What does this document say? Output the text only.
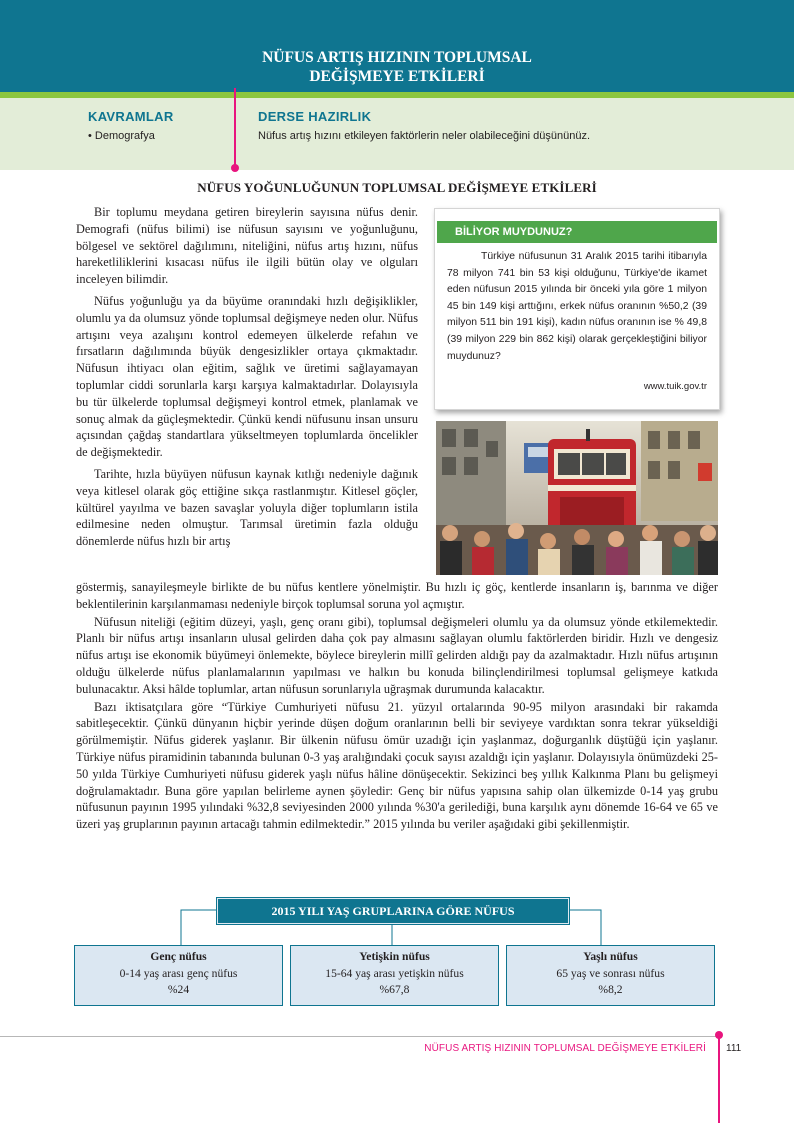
NÜFUS ARTIŞ HIZININ TOPLUMSAL
DEĞİŞMEYE ETKİLERİ
KAVRAMLAR
• Demografya
DERSE HAZIRLIK
Nüfus artış hızını etkileyen faktörlerin neler olabileceğini düşününüz.
NÜFUS YOĞUNLUĞUNUN TOPLUMSAL DEĞİŞMEYE ETKİLERİ

Bir toplumu meydana getiren bireylerin sayısına nüfus denir. Demografi (nüfus bilimi) ise nüfusun sayısını ve yoğunluğunu, bölgesel ve sektörel dağılımını, niteliğini, nüfus artış hızını, nüfus hareketliliklerini kısacası nüfus ile ilgili bütün olay ve olguları inceleyen bilimdir.

Nüfus yoğunluğu ya da büyüme oranındaki hızlı değişiklikler, olumlu ya da olumsuz yönde toplumsal değişmeye neden olur. Nüfus artışını veya azalışını kontrol edemeyen ülkelerde refahın ve fırsatların dağılımında büyük dengesizlikler ortaya çıkmaktadır. Nüfusun ihtiyacı olan eğitim, sağlık ve üretimi sağlayamayan toplumlar ciddi sorunlarla karşı karşıya kalmaktadırlar. Dolayısıyla bu tür ülkelerde toplumsal değişmeyi kontrol etmek, planlamak ve sonuç almak da güçleşmektedir. Çünkü kendi nüfusunu insan unsuru açısından çağdaş standartlara yükseltmeyen toplumlarda öncelikler de değişmektedir.

Tarihte, hızla büyüyen nüfusun kaynak kıtlığı nedeniyle dağınık veya kitlesel olarak göç ettiğine sıkça rastlanmıştır. Kitlesel göçler, kültürel yayılma ve bazen savaşlar yoluyla diğer toplumların istila edilmesine neden olmuştur. Tarımsal üretimin fazla olduğu dönemlerde nüfus hızlı bir artış

BİLİYOR MUYDUNUZ?
Türkiye nüfusunun 31 Aralık 2015 tarihi itibarıyla 78 milyon 741 bin 53 kişi olduğunu, Türkiye'de ikamet eden nüfusun 2015 yılında bir önceki yıla göre 1 milyon 45 bin 149 kişi arttığını, erkek nüfus oranının %50,2 (39 milyon 511 bin 191 kişi), kadın nüfus oranının ise % 49,8 (39 milyon 229 bin 862 kişi) olarak gerçekleştiğini biliyor muydunuz?
www.tuik.gov.tr

göstermiş, sanayileşmeyle birlikte de bu nüfus kentlere yönelmiştir. Bu hızlı iç göç, kentlerde insanların iş, barınma ve diğer beklentilerinin karşılanmaması nedeniyle birçok toplumsal soruna yol açmıştır.

Nüfusun niteliği (eğitim düzeyi, yaşlı, genç oranı gibi), toplumsal değişmeleri olumlu ya da olumsuz yönde etkilemektedir. Planlı bir nüfus artışı insanların ulusal gelirden daha çok pay almasını sağlayan olumlu faktörlerden biridir. Hızlı ve dengesiz nüfus artışı ise ekonomik büyümeyi önlemekte, böylece bireylerin millî gelirden aldığı pay da azalmaktadır. Hızlı nüfus artışının olduğu ülkelerde nüfus planlamalarının yapılması ve halkın bu konuda bilinçlendirilmesi toplumsal gelişmeye katkıda bulunacaktır. Aksi hâlde toplumlar, artan nüfusun sorunlarıyla uğraşmak durumunda kalacaktır.

Bazı iktisatçılara göre “Türkiye Cumhuriyeti nüfusu 21. yüzyıl ortalarında 90-95 milyon arasındaki bir rakamda sabitleşecektir. Çünkü dünyanın hiçbir yerinde düşen doğum oranlarının belli bir seviyeye vardıktan sonra tekrar yükseldiği görülmemiştir. Nüfus giderek yaşlanır. Bir ülkenin nüfusu ömür uzadığı için yaşlanmaz, doğurganlık düştüğü için yaşlanır. Türkiye nüfus piramidinin tabanında bulunan 0-3 yaş aralığındaki çocuk sayısı azaldığı için yaşlanır. Dolayısıyla önümüzdeki 25-50 yılda Türkiye Cumhuriyeti nüfusu giderek yaşlı nüfus hâline dönüşecektir. Sekizinci beş yıllık Kalkınma Planı bu gelişmeyi doğrulamaktadır. Buna göre yapılan belirleme aynen şöyledir: Genç bir nüfus yapısına sahip olan ülkemizde 0-14 yaş grubu nüfusunun payının 1995 yılındaki %32,8 seviyesinden 2000 yılında %30'a gerilediği, buna karşılık aynı dönemde 16-64 ve 65 ve üzeri yaş gruplarının payının artacağı tahmin edilmektedir.” 2015 yılında bu veriler aşağıdaki gibi şekillenmiştir.

2015 YILI YAŞ GRUPLARINA GÖRE NÜFUS
Genç nüfus
0-14 yaş arası genç nüfus
%24
Yetişkin nüfus
15-64 yaş arası yetişkin nüfus
%67,8
Yaşlı nüfus
65 yaş ve sonrası nüfus
%8,2
NÜFUS ARTIŞ HIZININ TOPLUMSAL DEĞİŞMEYE ETKİLERİ 111
